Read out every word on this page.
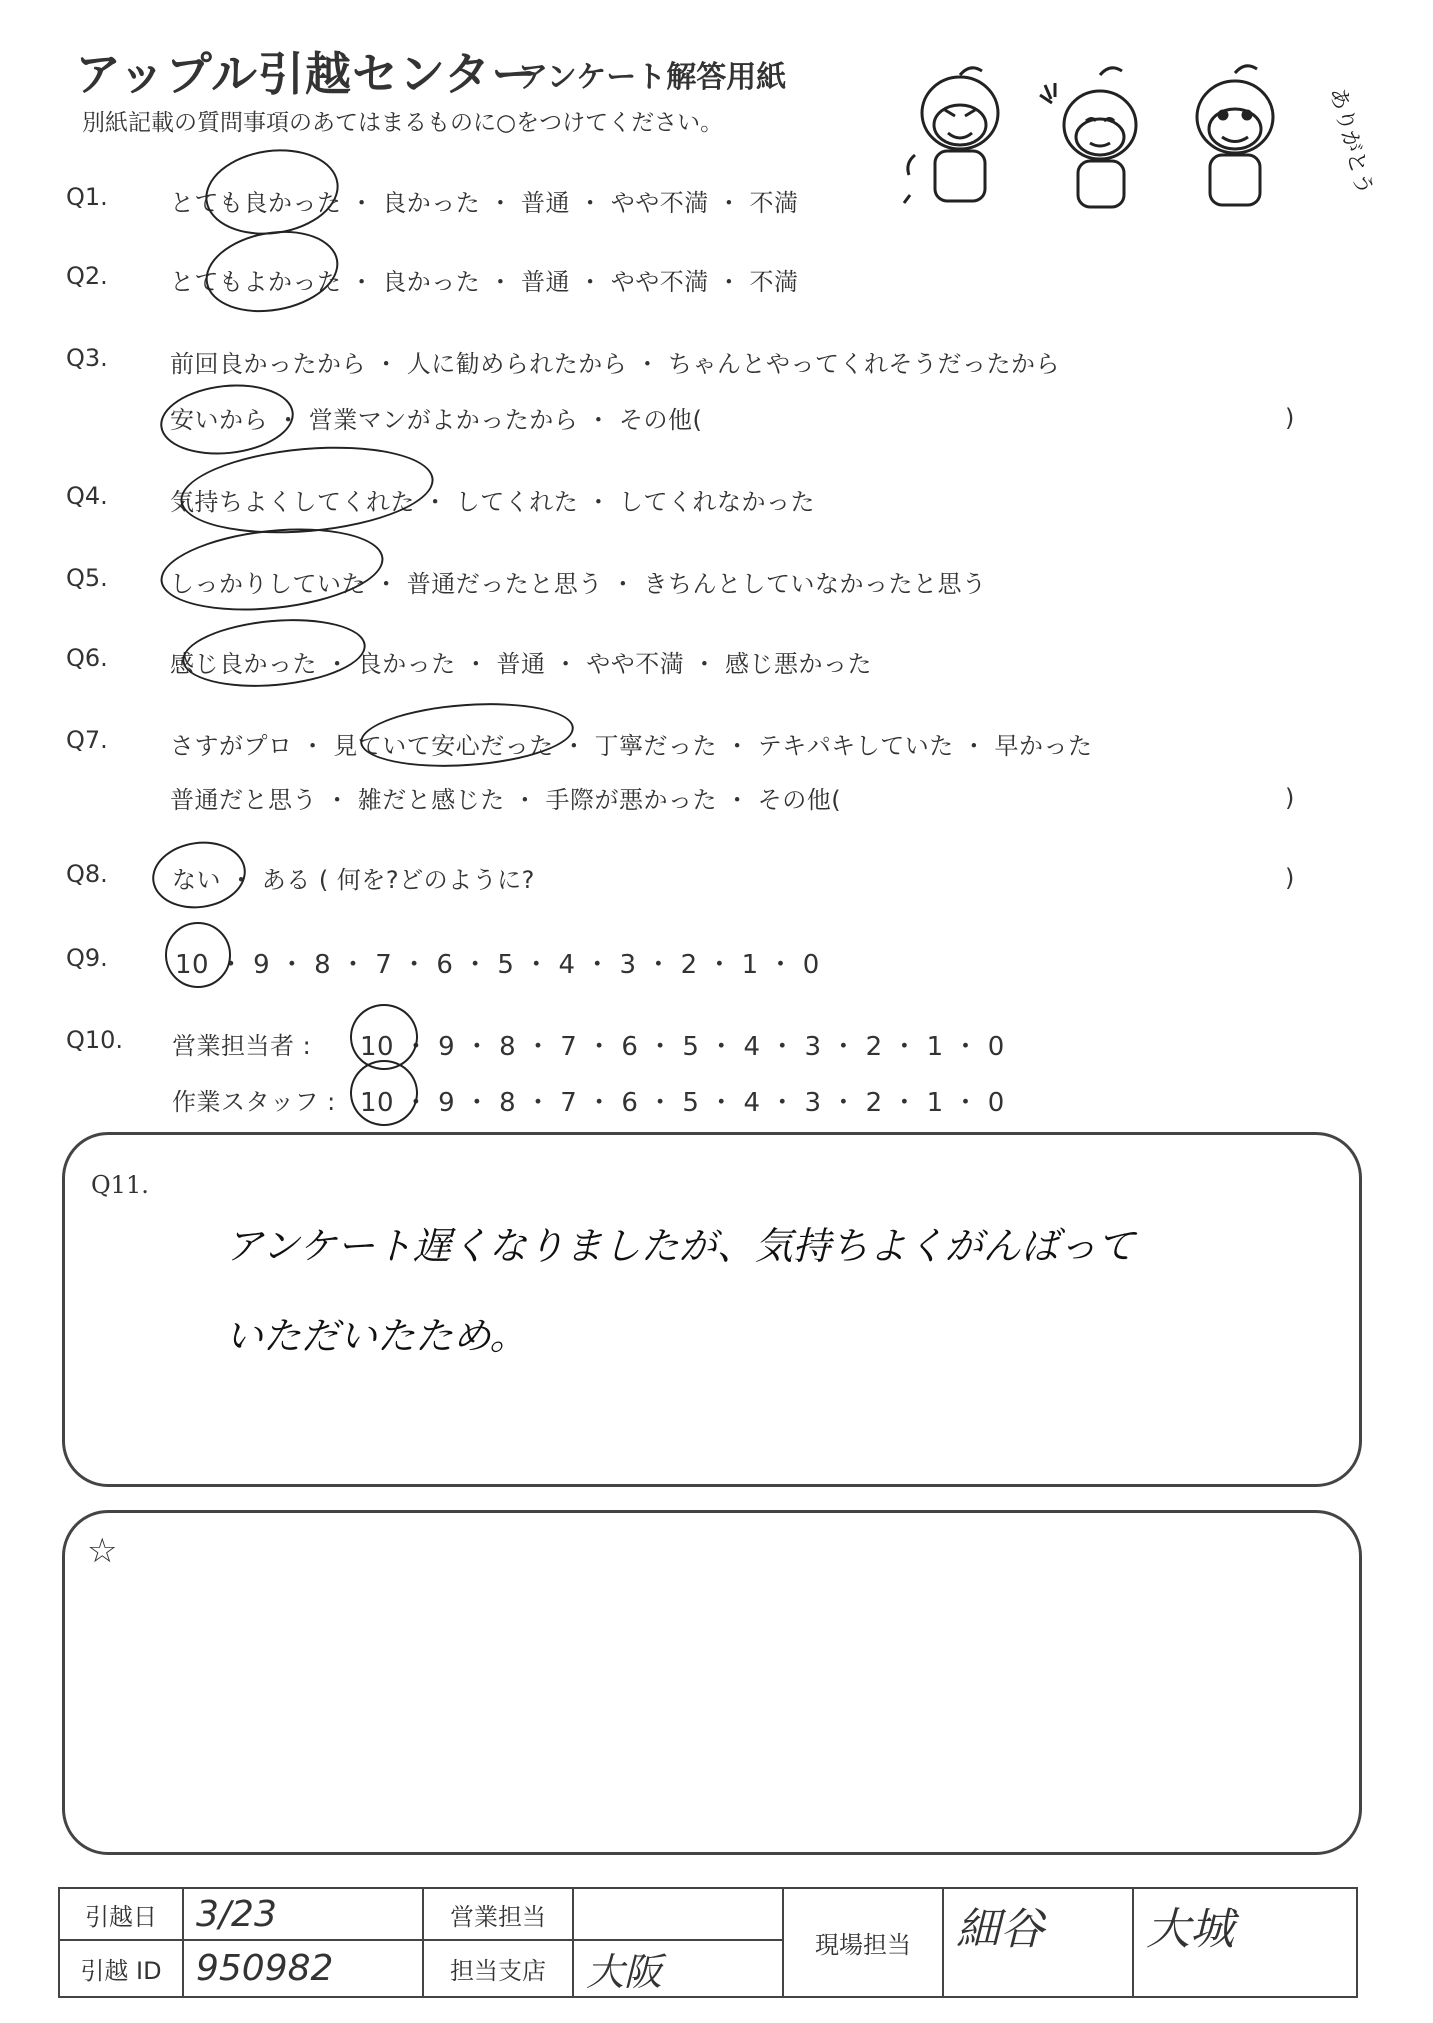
アップル引越センター
アンケート解答用紙
別紙記載の質問事項のあてはまるものに○をつけてください。	ありがとう
Q1.	とても良かった ・ 良かった ・ 普通 ・ やや不満 ・ 不満
Q2.	とてもよかった ・ 良かった ・ 普通 ・ やや不満 ・ 不満
Q3.	前回良かったから ・ 人に勧められたから ・ ちゃんとやってくれそうだったから
安いから ・ 営業マンがよかったから ・ その他(	)
Q4.	気持ちよくしてくれた ・ してくれた ・ してくれなかった
Q5.	しっかりしていた ・ 普通だったと思う ・ きちんとしていなかったと思う
Q6.	感じ良かった ・ 良かった ・ 普通 ・ やや不満 ・ 感じ悪かった
Q7.	さすがプロ ・ 見ていて安心だった ・ 丁寧だった ・ テキパキしていた ・ 早かった
普通だと思う ・ 雑だと感じた ・ 手際が悪かった ・ その他(	)
Q8.	ない ・ ある ( 何を?どのように?	)
Q9.	10 ・ 9 ・ 8 ・ 7 ・ 6 ・ 5 ・ 4 ・ 3 ・ 2 ・ 1 ・ 0
Q10. 営業担当者 : 10 ・ 9 ・ 8 ・ 7 ・ 6 ・ 5 ・ 4 ・ 3 ・ 2 ・ 1 ・ 0
作業スタッフ : 10 ・ 9 ・ 8 ・ 7 ・ 6 ・ 5 ・ 4 ・ 3 ・ 2 ・ 1 ・ 0
Q11.
アンケート遅くなりましたが、気持ちよくがんばって
いただいたため。
☆
引越日	3/23	営業担当		現場担当	細谷	大城
引越 ID	950982	担当支店	大阪			
